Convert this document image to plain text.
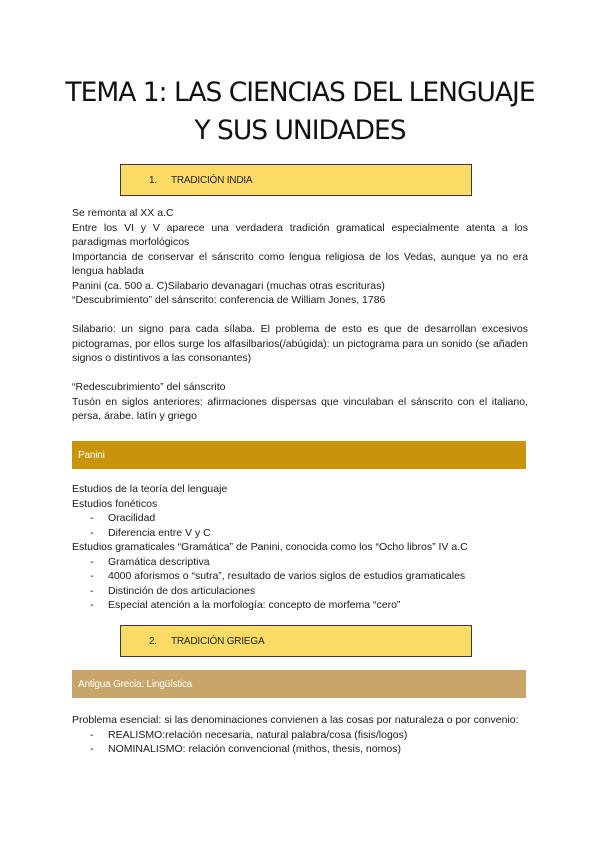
TEMA 1: LAS CIENCIAS DEL LENGUAJE
Y SUS UNIDADES
1. TRADICIÓN INDIA

Se remonta al XX a.C

Entre los VI y V aparece una verdadera tradición gramatical especialmente atenta a los paradigmas morfológicos

Importancia de conservar el sánscrito como lengua religiosa de los Vedas, aunque ya no era lengua hablada

Panini (ca. 500 a. C)Silabario devanagari (muchas otras escrituras)

“Descubrimiento” del sánscrito: conferencia de William Jones, 1786

Silabario: un signo para cada sílaba. El problema de esto es que de desarrollan excesivos pictogramas, por ellos surge los alfasilbarios(/abúgida): un pictograma para un sonido (se añaden signos o distintivos a las consonantes)

“Redescubrimiento” del sánscrito

Tusón en siglos anteriores: afirmaciones dispersas que vinculaban el sánscrito con el italiano, persa, árabe. latín y griego

Panini

Estudios de la teoría del lenguaje

Estudios fonéticos

- Oracilidad
- Diferencia entre V y C

Estudios gramaticales “Gramática” de Panini, conocida como los “Ocho libros” IV a.C

- Gramática descriptiva
- 4000 aforismos o “sutra”, resultado de varios siglos de estudios gramaticales
- Distinción de dos articulaciones
- Especial atención a la morfología: concepto de morfema “cero”
2. TRADICIÓN GRIEGA
Antigua Grecia: Lingüística

Problema esencial: si las denominaciones convienen a las cosas por naturaleza o por convenio:

- REALISMO:relación necesaria, natural palabra/cosa (fisis/logos)
- NOMINALISMO: relación convencional (mithos, thesis, nomos)
